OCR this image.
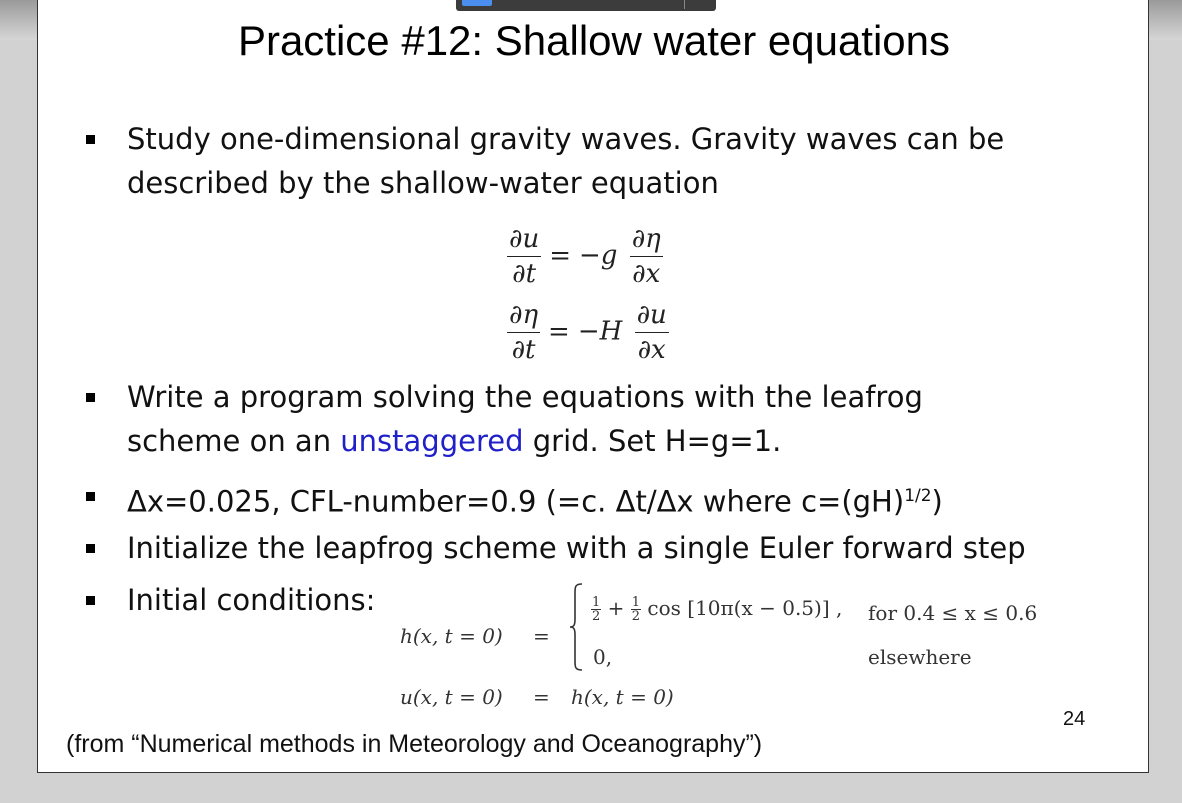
Practice #12: Shallow water equations
Study one-dimensional gravity waves. Gravity waves can be
described by the shallow-water equation
$\frac{\partial u}{\partial t} = -g \frac{\partial\eta}{\partial x}$
$\frac{\partial\eta}{\partial t} = -H \frac{\partial u}{\partial x}$
Write a program solving the equations with the leafrog
scheme on an unstaggered grid. Set H=g=1.
Δx=0.025, CFL-number=0.9 (=c. Δt/Δx where c=(gH)$^{1/2}$)
Initialize the leapfrog scheme with a single Euler forward step
Initial conditions:
h(x, t = 0) =
$\frac{1}{2} + \frac{1}{2}$ cos [10π(x − 0.5)] , for 0.4 ≤ x ≤ 0.6
0,	elsewhere
u(x, t = 0) = h(x, t = 0)
24
(from “Numerical methods in Meteorology and Oceanography”)
